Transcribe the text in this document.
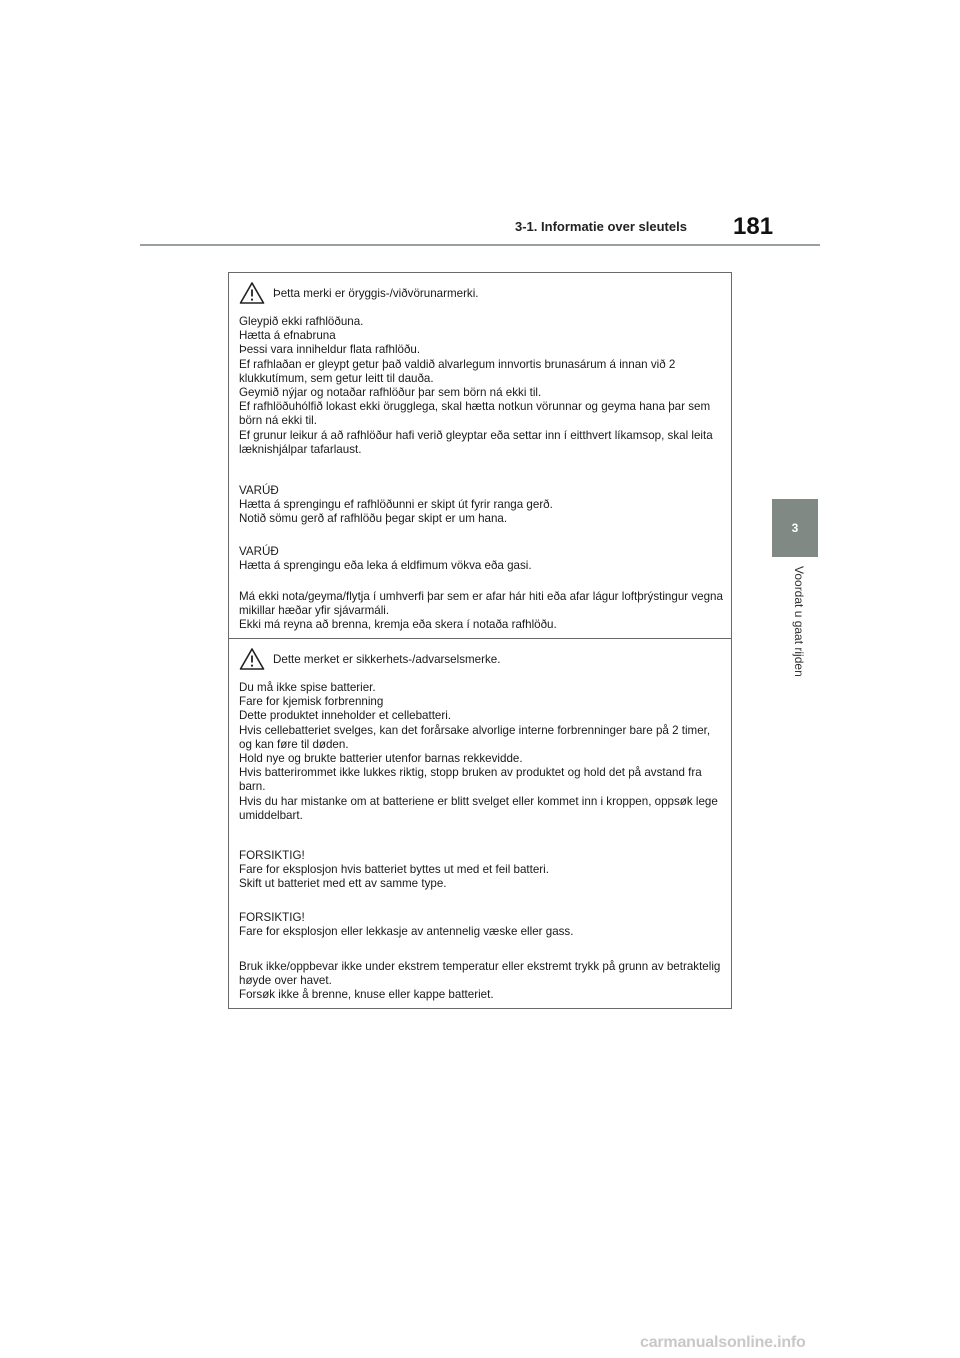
3-1. Informatie over sleutels 181
3
Voordat u gaat rijden
Þetta merki er öryggis-/viðvörunarmerki.

Gleypið ekki rafhlöðuna.
Hætta á efnabruna
Þessi vara inniheldur flata rafhlöðu.
Ef rafhlaðan er gleypt getur það valdið alvarlegum innvortis brunasárum á innan við 2 klukkutímum, sem getur leitt til dauða.
Geymið nýjar og notaðar rafhlöður þar sem börn ná ekki til.
Ef rafhlöðuhólfið lokast ekki örugglega, skal hætta notkun vörunnar og geyma hana þar sem börn ná ekki til.
Ef grunur leikur á að rafhlöður hafi verið gleyptar eða settar inn í eitthvert líkamsop, skal leita læknishjálpar tafarlaust.

VARÚÐ
Hætta á sprengingu ef rafhlöðunni er skipt út fyrir ranga gerð.
Notið sömu gerð af rafhlöðu þegar skipt er um hana.

VARÚÐ
Hætta á sprengingu eða leka á eldfimum vökva eða gasi.

Má ekki nota/geyma/flytja í umhverfi þar sem er afar hár hiti eða afar lágur loftþrýstingur vegna mikillar hæðar yfir sjávarmáli.
Ekki má reyna að brenna, kremja eða skera í notaða rafhlöðu.

Dette merket er sikkerhets-/advarselsmerke.

Du må ikke spise batterier.
Fare for kjemisk forbrenning
Dette produktet inneholder et cellebatteri.
Hvis cellebatteriet svelges, kan det forårsake alvorlige interne forbrenninger bare på 2 timer, og kan føre til døden.
Hold nye og brukte batterier utenfor barnas rekkevidde.
Hvis batterirommet ikke lukkes riktig, stopp bruken av produktet og hold det på avstand fra barn.
Hvis du har mistanke om at batteriene er blitt svelget eller kommet inn i kroppen, oppsøk lege umiddelbart.

FORSIKTIG!
Fare for eksplosjon hvis batteriet byttes ut med et feil batteri.
Skift ut batteriet med ett av samme type.

FORSIKTIG!
Fare for eksplosjon eller lekkasje av antennelig væske eller gass.

Bruk ikke/oppbevar ikke under ekstrem temperatur eller ekstremt trykk på grunn av betraktelig høyde over havet.
Forsøk ikke å brenne, knuse eller kappe batteriet.

carmanualsonline.info
